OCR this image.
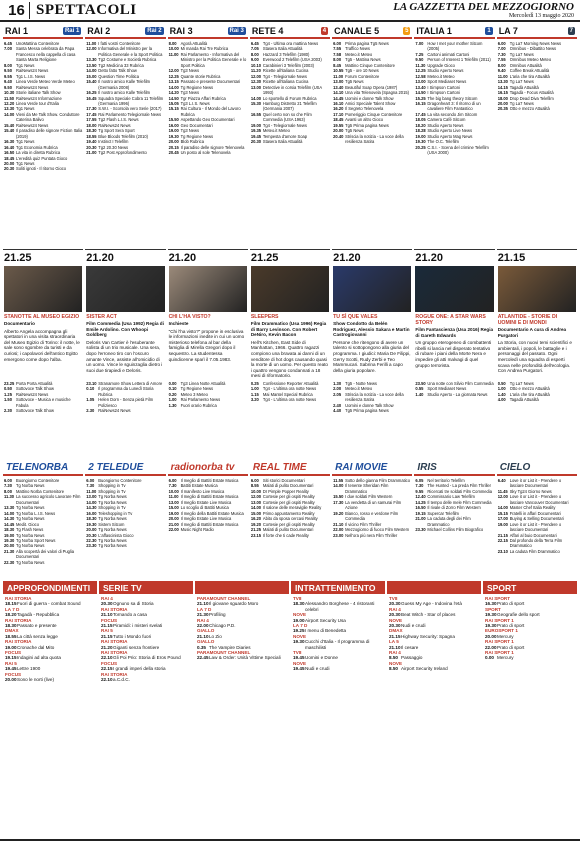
16 SPETTACOLI	LA GAZZETTA DEL MEZZOGIORNO
Mercoledì 13 maggio 2020
RAI 1	Rai 1
6.45 UnoMattina Contenitore
7.00 Santa Messa celebrata da Papa Francesco nella cappella di casa Santa Marta Religione
8.00 Tg1 News
9.50 RaiNews24 News
9.55 Tg1 L.I.S. News
9.40 Linea Verde Meteo Verde Meteo
9.50 RaiNews24 News
10.30 Storie italiane Talk Show
11.50 RaiNews24 Informazione
12.20 Linea Verde tour d'Italia
13.30 Tg1 News
14.00 Vieni da Me Talk Show. Conduttore Caterina Balivo
15.40 RaiNews24 News
15.40 Il paradiso delle signore Fiction Italia (2019)
16.30 Tg1 News
16.40 Tg1 Economia Rubrica
16.50 La vita in diretta Rubrica
18.45 L'eredità quiz Puntata Gioco
20.00 Tg1 News
20.30 Soliti ignoti - Il ritorno Gioco
RAI 2	Rai 2
11.00 I fatti vostri Contenitore
12.00 Informativa del Ministro per la Politica Generale e la Sport Politica
13.30 Tg2 Costume e Società Rubrica
13.50 Tg2 Medicina 33 Rubrica
14.00 Detto fatto Talk Show
15.00 Question Time Politica
15.40 Il nostro amico Kalle Telefilm (Germania 2008)
16.25 Il nostro amico Kalle Telefilm
16.45 Squadra Speciale Cobra 11 Telefilm (Germania 1996)
17.30 S.W.I. - Scorsola vero Serie (2017)
17.45 Rai Parlamento Telegiornale News
17.55 Tg2 Flash L.I.S. News
18.00 RaiNews24 News
18.30 Tg Sport Sera Sport
18.55 Blue Bloods Telefilm (2010)
19.40 Instinct I Telefilm
20.30 Tg2 20.30 News
21.00 Tg2 Post Approfondimento
RAI 3	Rai 3
8.00 Agorà Attualità
10.00 Mi manda Rai Tre Rubrica
11.00 Rai Parlamento - Informativa del Ministro per la Politica Generale e lo Sport Politica
12.00 Tg3 News
12.25 Quante storie Rubrica
13.15 Passato e presente Documentari
14.00 Tg Regione News
14.20 Tg3 News
14.50 Tgr Piazza Affari Rubrica
15.05 Tg3 L.I.S. News
15.15 Rai Cultura - Il Mondo del Lavoro Rubrica
15.50 Aspettando Geo Documentari
16.00 Geo Documentari
19.00 Tg3 News
19.30 Tg Regione News
20.00 Blob Rubrica
20.15 Il paradiso delle signore Telenovela
20.45 Un posto al sole Telenovela
RETE 4	4
6.45 Tg4 - Ultima ora mattina News
7.05 Stasera Italia Attualità
8.00 Hazzard 3 Telefilm (1980)
9.00 Everwood 2 Telefilm (USA 2003)
10.10 Carabinieri 3 Telefilm (2003)
11.20 Ricette all'italiana Cucina
12.00 Tg4 - Telegiornale News
12.30 Ricette all'italiana Cucina
13.00 Detective in corsia Telefilm (USA 1993)
14.00 Lo sportello di Forum Rubrica
15.30 Hamburg Distretto 21 Telefilm (Germania 2007)
16.55 Quel certo non so che Film Commedia (USA 1963)
19.00 Tg4 - Telegiornale News
19.35 Meteo.it Meteo
19.45 Tempesta d'amore Soap
20.30 Stasera Italia Attualità
CANALE 5	5
6.00 Prima pagina Tg5 News
7.55 Traffico News
7.58 Meteo.it Meteo
8.00 Tg5 - Mattina News
8.45 Mattino Cinque Contenitore
10.55 Tg5 - ore 10 News
11.00 Forum Contenitore
13.00 Tg5 News
13.40 Beautiful Soap Opera (1987)
14.10 Una vita Telenovela (Spagna 2015)
14.45 Uomini e donne Talk Show
16.10 Amici Speciale Talent Show
16.20 Il Segreto Telenovela
17.10 Pomeriggio Cinque Contenitore
18.45 Avanti un altro Gioco
19.55 Tg5 Prima pagina News
20.00 Tg5 News
20.40 Striscia la notizia - La voce della resilienza Satira
ITALIA 1	1
7.00 How I met your mother Sitcom (2005)
7.25 Cartoni animati Cartoni
9.50 Person of Interest 1 Telefilm (2011)
11.30 Upgrade Gioco
12.25 Studio Aperto News
12.58 Meteo.it Meteo
13.00 Sport Mediaset News
13.40 I Simpson Cartoni
14.50 I Simpson Cartoni
15.25 The big bang theory Sitcom
16.15 Dragonheart 3: Il ritorno di un cavaliere Film Fantastico
17.45 La vita secondo Jim Sitcom
18.05 Camera Café Sitcom
18.20 Studio Aperto News
18.28 Studio Aperto Live News
19.00 Studio Aperto Mag News
19.30 The O.C. Telefilm
20.25 C.S.I. - Scena del crimine Telefilm (USA 2000)
LA 7	7
6.00 Tg La7 Morning News News
7.00 Omnibus - Dibattito News
7.30 Tg La7 News
7.55 Omnibus Meteo Meteo
8.00 Omnibus Attualità
9.40 Coffee Break Attualità
11.00 L'aria che tira Attualità
13.30 Tg La7 News
14.15 Tagadà Attualità
16.15 Tagadà - Focus Attualità
18.00 Drop Dead Diva Telefilm
20.00 Tg La7 News
20.35 Otto e mezzo Attualità
21.25
STANOTTE AL MUSEO EGIZIO
Documentario
Alberto Angela accompagna gli spettatori in una visita straordinaria del Museo Egizio di Torino: il notte, le sale sono sgombre da turisti e da curiosi; i capolavori dell'antico Egitto emergono come dopo l'alba.
21.20
SISTER ACT
Film Commedia (Usa 1992) Regia di Emile Ardolino. Con Whoopi Goldberg
Deloris Van Cartier è l'esuberante solista di un trio musicale. Una sera, dopo l'erroneo tiro con l'oscuro amante Vince, assiste all'omicidio di un uomo. Vince le sguinzaglia dietro i suoi due tirapiedi e Deloris.
21.20
CHI L'HA VISTO?
Inchieste
"Chi l'ha visto?" propone in esclusiva le informazioni inedite in cui un uomo misterioso telefona al bar della famiglia di Mirella Gregori dopo il sequestro. La studentessa quindicenne sparì il 7.05.1983.
21.25
SLEEPERS
Film Drammatico (Usa 1996) Regia di Barry Levinson. Con Robert DeNiro, Kevin Bacon
Hell's Kitchen, East Side di Manhattan, 1966. Quattro ragazzi compiono una bravata ai danni di un venditore di hot dogs causando quasi la morte di un uomo. Per questo reato i quattro vengono condannati a 18 mesi di riformatorio.
21.20
TU SÌ QUE VALES
Show Condotto da Belén Rodriguez, Alessio Sakara e Martin Castrogiovanni
Persone che ritengono di avere un talento si sottopongono alla giuria del programma. I giudici: Maria De Filippi, Gerry Scotti, Rudy Zerbi e Teo Mammucari. Sabrina Ferilli a capo della giuria popolare.
21.20
ROGUE ONE: A STAR WARS STORY
Film Fantascienza (Usa 2016) Regia di Gareth Edwards
Un gruppo eterogeneo di combattenti ribelli si lancia nel disperato tentativo di rubare i piani della Morte Nera e impedire gli atti malvagi di quel gruppo terrorista.
21.15
ATLANTIDE - STORIE DI UOMINI E DI MONDI
Documentario A cura di Andrea Purgatori
La Storia, con nuovi temi scientifici e ambientali, i popoli, le battaglie e i personaggi del passato. Ogni mercoledì una squadra di esperti scava nelle profondità dell'ecologia. Con Andrea Purgatori.
23.25 Porta Porta Attualità
0.50 Sottovoce Talk Show
1.25 RaiNews24 News
1.50 Sottovoce - Musica e musiche Fabula
2.30 Sottovoce Talk Show
23.10 Stranamore Show Lettera di Amore
0.10 Il programma da Lunedì Storia Rubrica
1.05 Helen Dorn - Senza pietà Film Poliziesco
2.30 RaiNews24 News
0.00 Tg3 Linea Notte Attualità
0.10 Tg Regione News
0.20 Meteo 3 Meteo
1.00 Rai Parlamento News
1.30 Fuori orario Rubrica
0.25 Confessione Reporter Attualità
1.00 Tg4 - L'ultima ora notte News
1.15 Mai Mantel Special Rubrica
3.20 Tg4 - L'ultima ora notte News
1.30 Tg5 - Notte News
2.00 Meteo.it Meteo
2.05 Striscia la notizia - La voce della resilienza Satira
2.40 Uomini e donne Talk Show
4.40 Tg5 Prima pagina News
23.50 Una notte con Silvio Film Commedia
0.55 Sport Mediaset News
1.40 Studio Aperto - La giornata News
0.50 Tg La7 News
1.00 Otto e mezzo Attualità
1.40 L'aria che tira Attualità
4.00 Tagadà Attualità
TELENORBA
6.00 Buongiorno Contenitore
7.30 Tg Norba News
8.00 Mattino Norba Contenitore
11.30 La successo agricolo Lavorare Film Documentari
13.30 Tg Norba News
14.00 Tg Norba L.I.S. News
14.30 Tg Norba News
14.45 Medit. Gioco
18.30 Tg Flash News
19.00 Tg Norba News
19.30 Tg Norba Sport News
20.00 Tg Norba News
21.30 Alla scopertà dei valori di Puglia Documentari
22.30 Tg Norba News
2 TELEDUE
6.00 Buongiorno Contenitore
7.30 Shopping in Tv
11.00 Shopping in Tv
13.00 Tg Norba News
14.00 Tg Norba News
14.30 Shopping in Tv
16.00 Teleshopping in Tv
18.30 Tg Norba News
19.30 Sistem Sitcom
20.00 Tg Norba News
20.30 L'affascinista Gioco
22.30 Tg Norba News
23.30 Tg Norba News
radionorba tv
6.00 Il meglio di Battiti Estate Musica
7.30 Battiti Estate Musica
10.00 Il manifesto Live Musica
11.00 Il meglio di Battiti Estate Musica
13.00 Il meglio Estate Live Musica
15.00 Lo scoglio di Battiti Musica
19.00 Il meglio della Battiti Estate Musica
20.00 Il meglio Estate Live Musica
21.00 Il meglio di Battiti Estate Musica
22.00 Music Night Radio
REAL TIME
6.00 Siti storici Documentari
8.55 Malati di pulito Documentari
10.00 Dr Pimple Popper Reality
12.00 Cortesie per gli ospiti Reality
13.00 Cortesie per gli ospiti Reality
14.00 Il salone delle meraviglie Reality
15.00 Primo appuntamento Reality
16.20 Abito da sposa cercasi Reality
19.20 Cortesie per gli ospiti Reality
21.25 Malati di pulito Documentari
23.15 Il forte che ti cade Reality
RAI MOVIE
11.55 Sotto dello gianna Film Drammatico
14.00 Il tenente Sheridan Film Drammatico
15.50 I due soldati Film Western
17.30 La vendetta di un samurai Film Azione
19.20 Bianco, rosso e verdone Film Commedia
21.10 Il vicino Film Thriller
22.00 Mezzogiorno di fuoco Film Western
23.00 Nell'ora più nera Film Thriller
IRIS
6.05 Nel territorio Telefilm
7.30 The Hunted - La preda Film Thriller
9.55 Ricercati tre soldati Film Commedia
12.40 Commissario Law Telefilm
14.25 Il tempo delle mele Film Commedia
16.50 Il rivale di Zorro Film Western
19.15 Supercar Telefilm
21.00 La caduta degli dei Film Drammatico
23.30 Michael Collins Film Biografico
CIELO
6.40 Love it or List it - Prendere o lasciare Documentari
11.45 Sky Tg24 Giorno News
12.00 Love it or List it - Prendere o lasciare Vancouver Documentari
14.00 Master Chef Italia Reality
15.15 Fratelli in affari Documentari
17.00 Buying & Selling Documentari
19.00 Love it or List it - Prendere o lasciare Documentari
21.15 Affari al buio Documentari
22.15 Dal profondo della Terra Film Drammatico
23.10 La caduta Film Drammatico
APPROFONDIMENTI
RAI STORIA
18.15 Fuori di guerra - combat Sound
LA 7 D
18.20 Tagadà - Repubblica
RAI STORIA
18.30 Passato e presente
DMAX
18.55 La città senza legge
RAI STORIA
19.00 Cronache dal Mito
FOCUS
19.15 Indagini ad alta quota
RAI 5
19.45 Lettre 1900
FOCUS
20.00 Sono le norti (live)
SERIE TV
RAI 4
20.30 Ognuno sa di Storia
RAI STORIA
21.10 Tornando a casa
FOCUS
21.15 Piramidi: i misteri svelati
RAI 5
21.15 Tutto i Mondo fuori
RAI STORIA
21.20 Giganti senza frontiere
RAI STORIA
22.10 Gli Poi Prio: Storia di Eros Pound
FOCUS
22.15 I grandi imperi della storia
RAI STORIA
22.10 a.C.d.C.
PARAMOUNT CHANNEL
21.10 Il giovane sguardo Moro
LA 7 D
21.30 Profiling
RAI 4
22.00 Chicago P.D.
GIALLO
21.10 Lo Zio
GIALLO
0.35 The Vampire Diaries
PARAMOUNT CHANNEL
22.45 Law & Order: Unità Vittime Speciali
INTRATTENIMENTO
TV8
18.30 Alessandro Borghese - 4 ristoranti celebri
NOVE
19.00 Airport Security Usa
LA 7 D
19.25 I menu di Benedetta
NOVE
19.30 Cucchi d'Italia - Il programma di maschilisti
TV8
19.45 Uomini e Donne
NOVE
19.45 Nudi e crudi
TV8
20.30 Guess My Age - Indovina l'età
RAI 4
20.30 Beat Witch - Star of places
NOVE
20.30 Nudi e crudi
DMAX
21.15 Highway Security: Spagna
LA 5
21.10 Il cesare
RAI 4
8.50 Passaggio
NOVE
8.50 Airport Security Ireland
SPORT
RAI SPORT
16.30 Prato di sport
SPORT
19.30 Geografie dello sport
RAI SPORT 1
19.30 Prato di sport
EUROSPORT 1
20.00 Mercury
RAI SPORT 1
22.00 Prato di sport
RAI SPORT 1
0.00 Mercury
